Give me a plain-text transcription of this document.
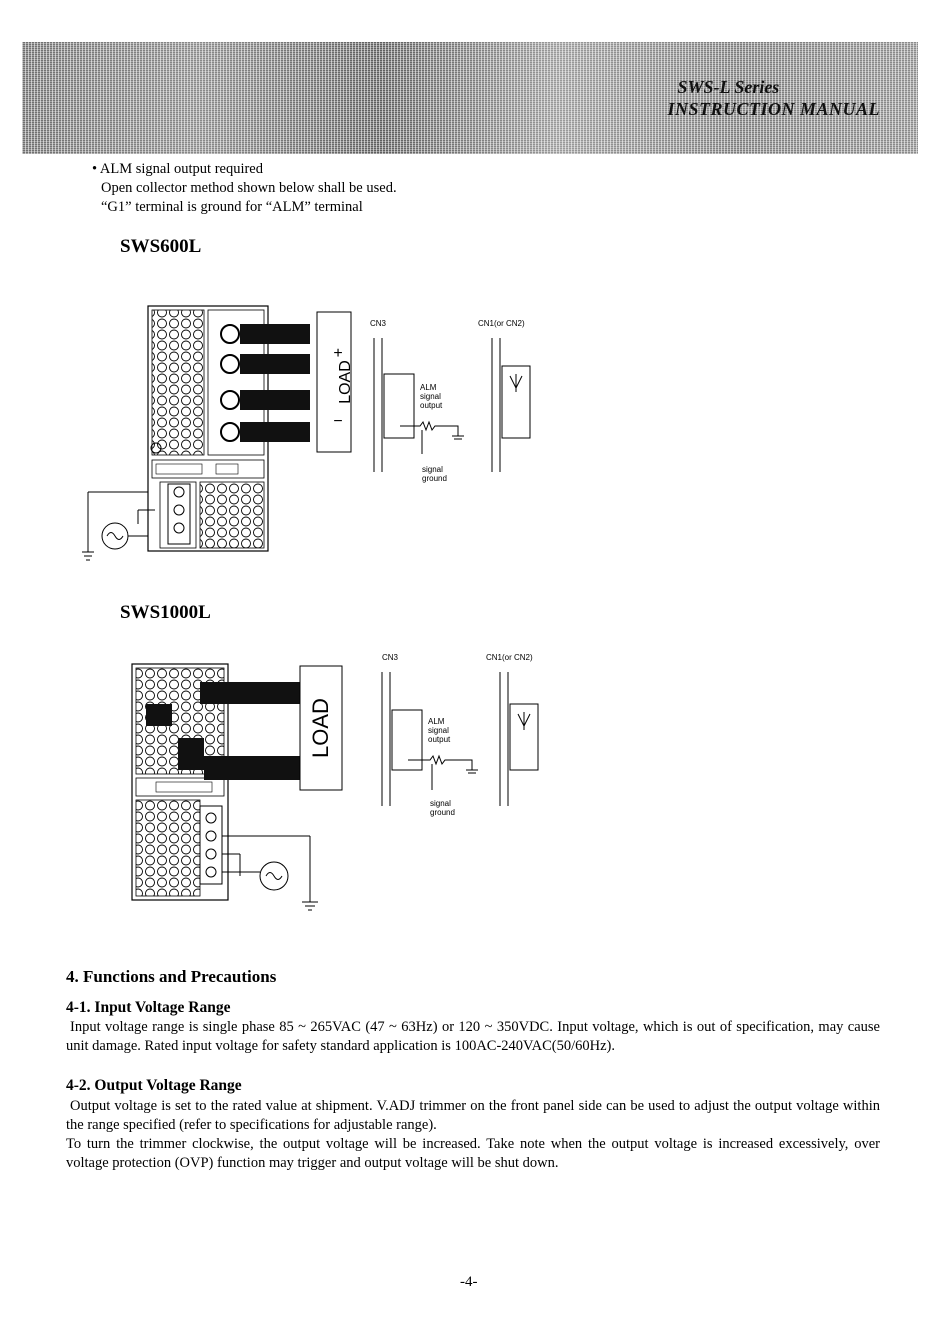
SWS-L Series
INSTRUCTION MANUAL
• ALM signal output required
Open collector method shown below shall be used.
“G1” terminal is ground for “ALM” terminal
SWS600L
LOAD
+
−
CN3
ALM
signal
output
signal
ground
CN1(or CN2)
SWS1000L
LOAD
CN3
ALM
signal
output
signal
ground
CN1(or CN2)
4. Functions and Precautions
4-1. Input Voltage Range
Input voltage range is single phase 85 ~ 265VAC (47 ~ 63Hz) or 120 ~ 350VDC. Input voltage, which is out of specification, may cause unit damage. Rated input voltage for safety standard application is 100AC-240VAC(50/60Hz).
4-2. Output Voltage Range
Output voltage is set to the rated value at shipment. V.ADJ trimmer on the front panel side can be used to adjust the output voltage within the range specified (refer to specifications for adjustable range).
To turn the trimmer clockwise, the output voltage will be increased. Take note when the output voltage is increased excessively, over voltage protection (OVP) function may trigger and output voltage will be shut down.
-4-
